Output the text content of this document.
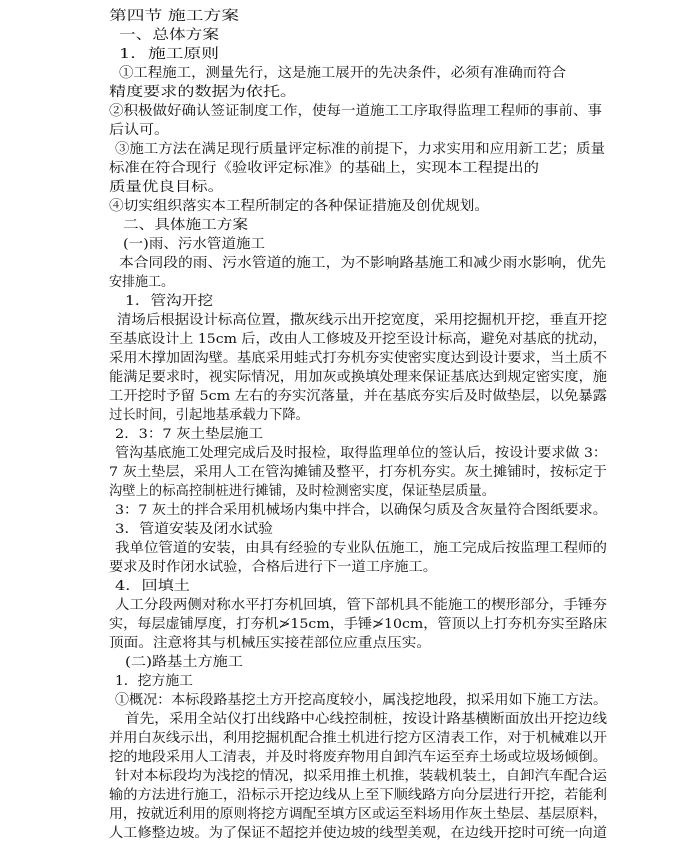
第四节 施工方案
一、总体方案
1．施工原则
①工程施工，测量先行，这是施工展开的先决条件，必须有准确而符合
精度要求的数据为依托。
②积极做好确认签证制度工作，使每一道施工工序取得监理工程师的事前、事
后认可。
③施工方法在满足现行质量评定标准的前提下，力求实用和应用新工艺；质量
标准在符合现行《验收评定标准》的基础上，实现本工程提出的
质量优良目标。
④切实组织落实本工程所制定的各种保证措施及创优规划。
二、具体施工方案
(一)雨、污水管道施工
本合同段的雨、污水管道的施工，为不影响路基施工和减少雨水影响，优先
安排施工。
1．管沟开挖
清场后根据设计标高位置，撒灰线示出开挖宽度，采用挖掘机开挖，垂直开挖
至基底设计上 15cm 后，改由人工修坡及开挖至设计标高，避免对基底的扰动，
采用木撑加固沟壁。基底采用蛙式打夯机夯实使密实度达到设计要求，当土质不
能满足要求时，视实际情况，用加灰或换填处理来保证基底达到规定密实度，施
工开挖时予留 5cm 左右的夯实沉落量，并在基底夯实后及时做垫层，以免暴露
过长时间，引起地基承载力下降。
2．3：7 灰土垫层施工
管沟基底施工处理完成后及时报检，取得监理单位的签认后，按设计要求做 3：
7 灰土垫层，采用人工在管沟摊铺及整平，打夯机夯实。灰土摊铺时，按标定于
沟壁上的标高控制桩进行摊铺，及时检测密实度，保证垫层质量。
3：7 灰土的拌合采用机械场内集中拌合，以确保匀质及含灰量符合图纸要求。
3．管道安装及闭水试验
我单位管道的安装，由具有经验的专业队伍施工，施工完成后按监理工程师的
要求及时作闭水试验，合格后进行下一道工序施工。
4．回填土
人工分段两侧对称水平打夯机回填，管下部机具不能施工的楔形部分，手锤夯
实，每层虚铺厚度，打夯机≯15cm，手锤≯10cm，管顶以上打夯机夯实至路床
顶面。注意将其与机械压实接茬部位应重点压实。
(二)路基土方施工
1．挖方施工
①概况：本标段路基挖土方开挖高度较小，属浅挖地段，拟采用如下施工方法。
首先，采用全站仪打出线路中心线控制桩，按设计路基横断面放出开挖边线
并用白灰线示出，利用挖掘机配合推土机进行挖方区清表工作，对于机械难以开
挖的地段采用人工清表，并及时将废弃物用自卸汽车运至弃土场或垃圾场倾倒。
针对本标段均为浅挖的情况，拟采用推土机推，装载机装土，自卸汽车配合运
输的方法进行施工，沿标示开挖边线从上至下顺线路方向分层进行开挖，若能利
用，按就近利用的原则将挖方调配至填方区或运至料场用作灰土垫层、基层原料，
人工修整边坡。为了保证不超挖并使边坡的线型美观，在边线开挖时可统一向道
